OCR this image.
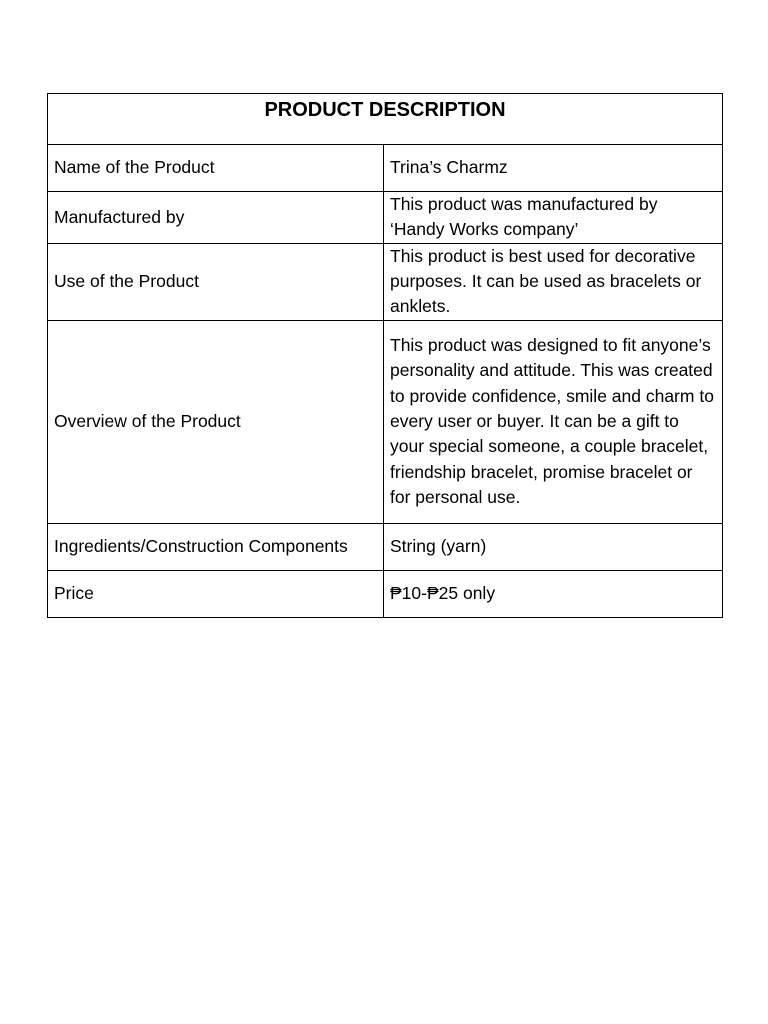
PRODUCT DESCRIPTION	
Name of the Product	Trina’s Charmz
Manufactured by	This product was manufactured by ‘Handy Works company’
Use of the Product	This product is best used for decorative purposes. It can be used as bracelets or anklets.
Overview of the Product	This product was designed to fit anyone’s personality and attitude. This was created to provide confidence, smile and charm to every user or buyer. It can be a gift to your special someone, a couple bracelet, friendship bracelet, promise bracelet or for personal use.
Ingredients/Construction Components	String (yarn)
Price	₱10-₱25 only
